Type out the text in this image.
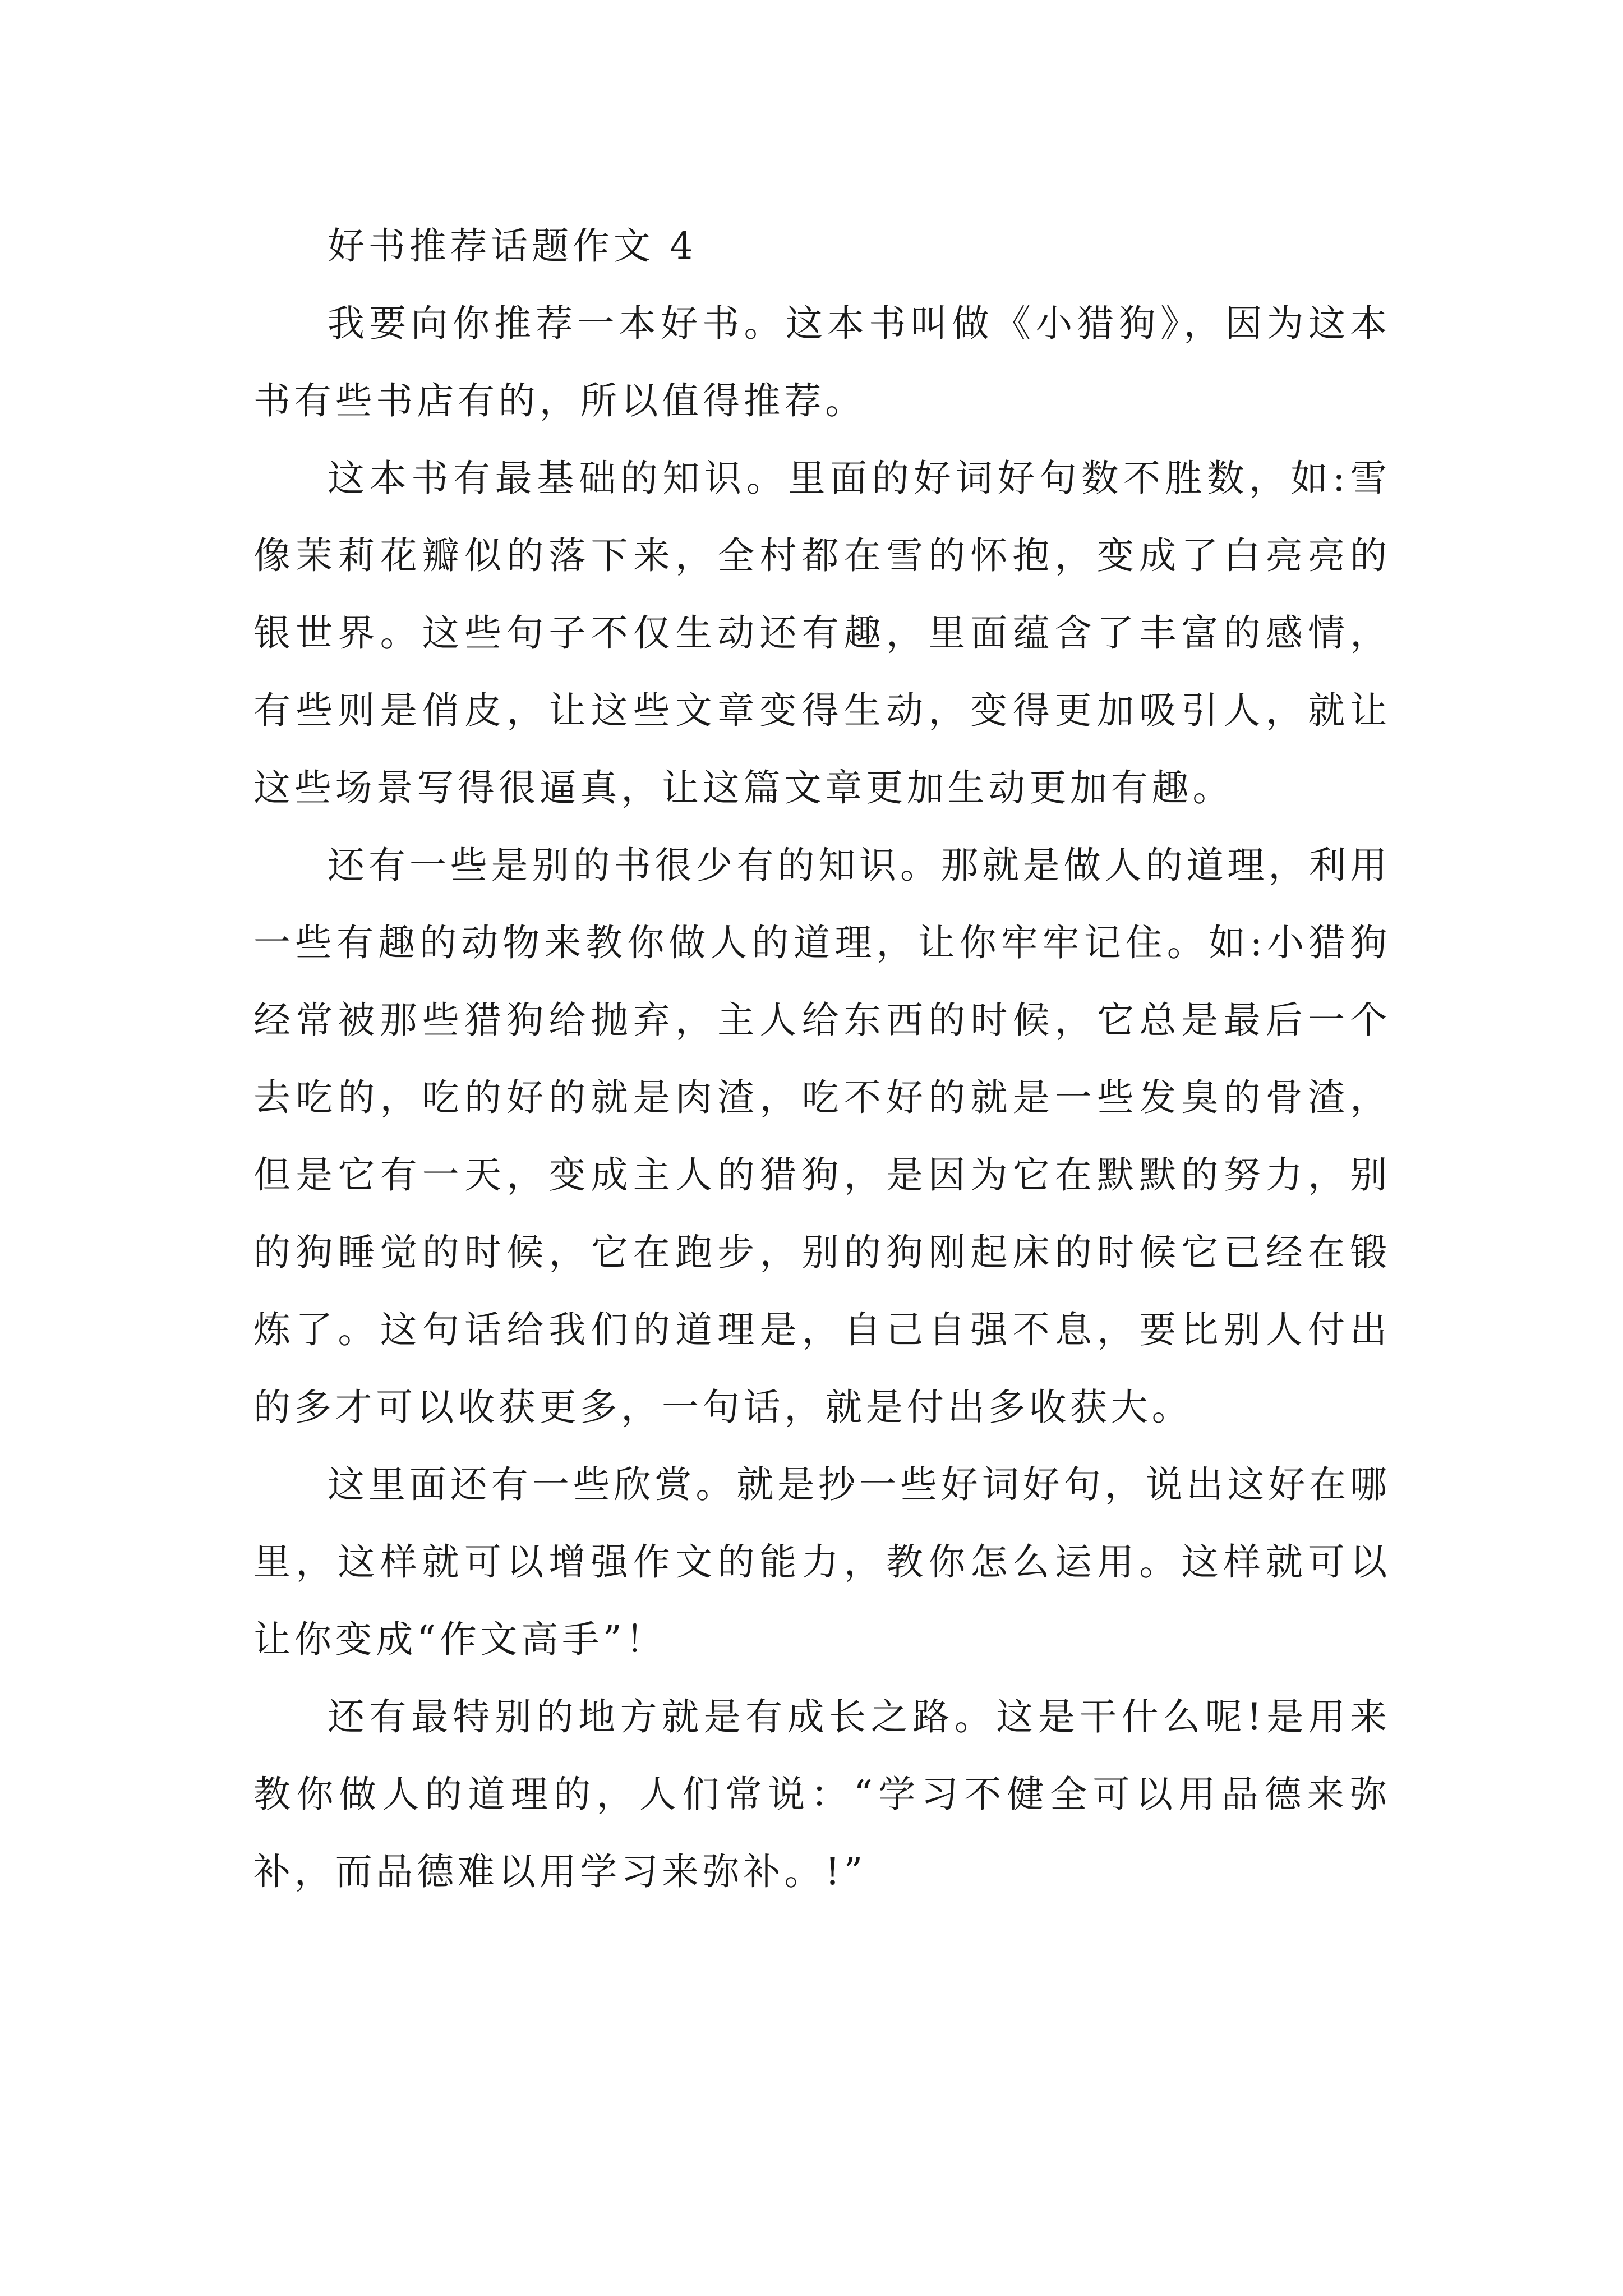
好书推荐话题作文 4

我要向你推荐一本好书。这本书叫做《小猎狗》，因为这本书有些书店有的，所以值得推荐。

这本书有最基础的知识。里面的好词好句数不胜数，如:雪像茉莉花瓣似的落下来，全村都在雪的怀抱，变成了白亮亮的银世界。这些句子不仅生动还有趣，里面蕴含了丰富的感情，有些则是俏皮，让这些文章变得生动，变得更加吸引人，就让这些场景写得很逼真，让这篇文章更加生动更加有趣。

还有一些是别的书很少有的知识。那就是做人的道理，利用一些有趣的动物来教你做人的道理，让你牢牢记住。如:小猎狗经常被那些猎狗给抛弃，主人给东西的时候，它总是最后一个去吃的，吃的好的就是肉渣，吃不好的就是一些发臭的骨渣，但是它有一天，变成主人的猎狗，是因为它在默默的努力，别的狗睡觉的时候，它在跑步，别的狗刚起床的时候它已经在锻炼了。这句话给我们的道理是，自己自强不息，要比别人付出的多才可以收获更多，一句话，就是付出多收获大。

这里面还有一些欣赏。就是抄一些好词好句，说出这好在哪里，这样就可以增强作文的能力，教你怎么运用。这样就可以让你变成“作文高手”！

还有最特别的地方就是有成长之路。这是干什么呢!是用来教你做人的道理的，人们常说：“学习不健全可以用品德来弥补，而品德难以用学习来弥补。!”
